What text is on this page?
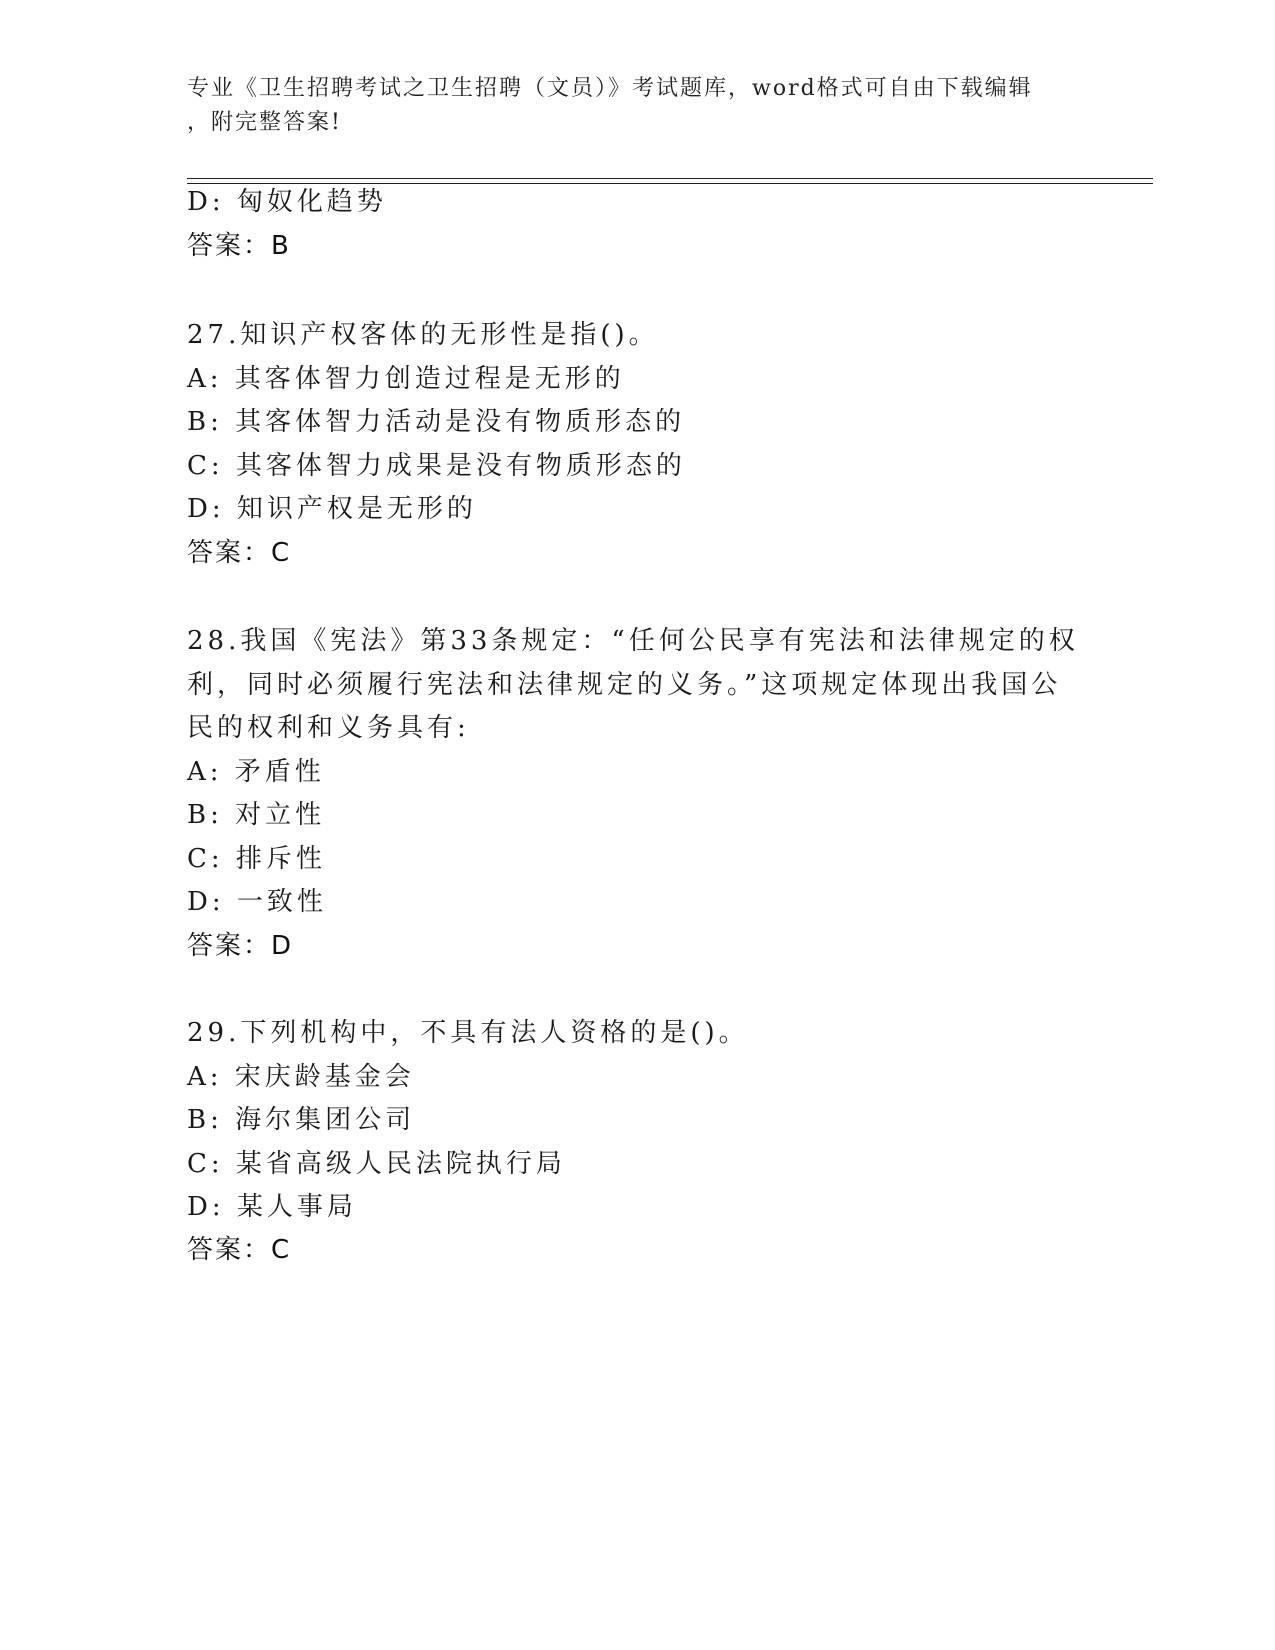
专业《卫生招聘考试之卫生招聘（文员）》考试题库，word格式可自由下载编辑
，附完整答案!
D: 匈奴化趋势
答案：B
27.知识产权客体的无形性是指()。
A: 其客体智力创造过程是无形的
B: 其客体智力活动是没有物质形态的
C: 其客体智力成果是没有物质形态的
D: 知识产权是无形的
答案：C
28.我国《宪法》第33条规定：“任何公民享有宪法和法律规定的权
利，同时必须履行宪法和法律规定的义务。”这项规定体现出我国公
民的权利和义务具有:
A: 矛盾性
B: 对立性
C: 排斥性
D: 一致性
答案：D
29.下列机构中，不具有法人资格的是()。
A: 宋庆龄基金会
B: 海尔集团公司
C: 某省高级人民法院执行局
D: 某人事局
答案：C
